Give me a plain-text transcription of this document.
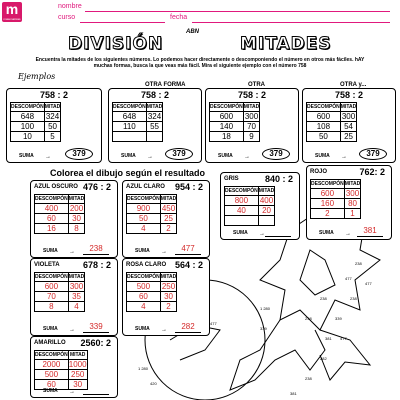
m
matematicas
nombre
curso	fecha
DIVISIÓN
ABN
MITADES
Encuentra la mitades de los siguientes números. Lo podemos hacer directamente o descomponiendo el número en otros más fáciles. hAY
muchas formas, busca la que veas más fácil. Mira el siguiente ejemplo con el número 758
Ejemplos
758 : 2
DESCOMPÓN	MITAD
648	324
100	50
10	5
SUMA →	379
758 : 2
DESCOMPÓN	MITAD
648	324
110	55

SUMA →	379
OTRA FORMA
758 : 2
DESCOMPÓN	MITAD
600	300
140	70
18	9
SUMA →	379
OTRA
758 : 2
DESCOMPÓN	MITAD
600	300
108	54
50	25
SUMA →	379
OTRA y...
Colorea el dibujo según el resultado
1 280
477
339
238
238
381
282
238
339
477
1 280
420
238
381
477
477
238
AZUL OSCURO 476 : 2
DESCOMPÓN	MITAD
400	200
60	30
16	8
SUMA →	238
AZUL CLARO 954 : 2
DESCOMPÓN	MITAD
900	450
50	25
4	2
SUMA →	477
GRIS	840 : 2
DESCOMPÓN	MITAD
800	400
40	20

SUMA →
ROJO	762: 2
DESCOMPÓN	MITAD
600	300
160	80
2	1
SUMA →	381
VIOLETA	678 : 2
DESCOMPÓN	MITAD
600	300
70	35
8	4
SUMA →	339
ROSA CLARO 564 : 2
DESCOMPÓN	MITAD
500	250
60	30
4	2
SUMA →	282
AMARILLO 2560: 2
DESCOMPÓN	MITAD
2000	1000
500	250
60	30
SUMA →
